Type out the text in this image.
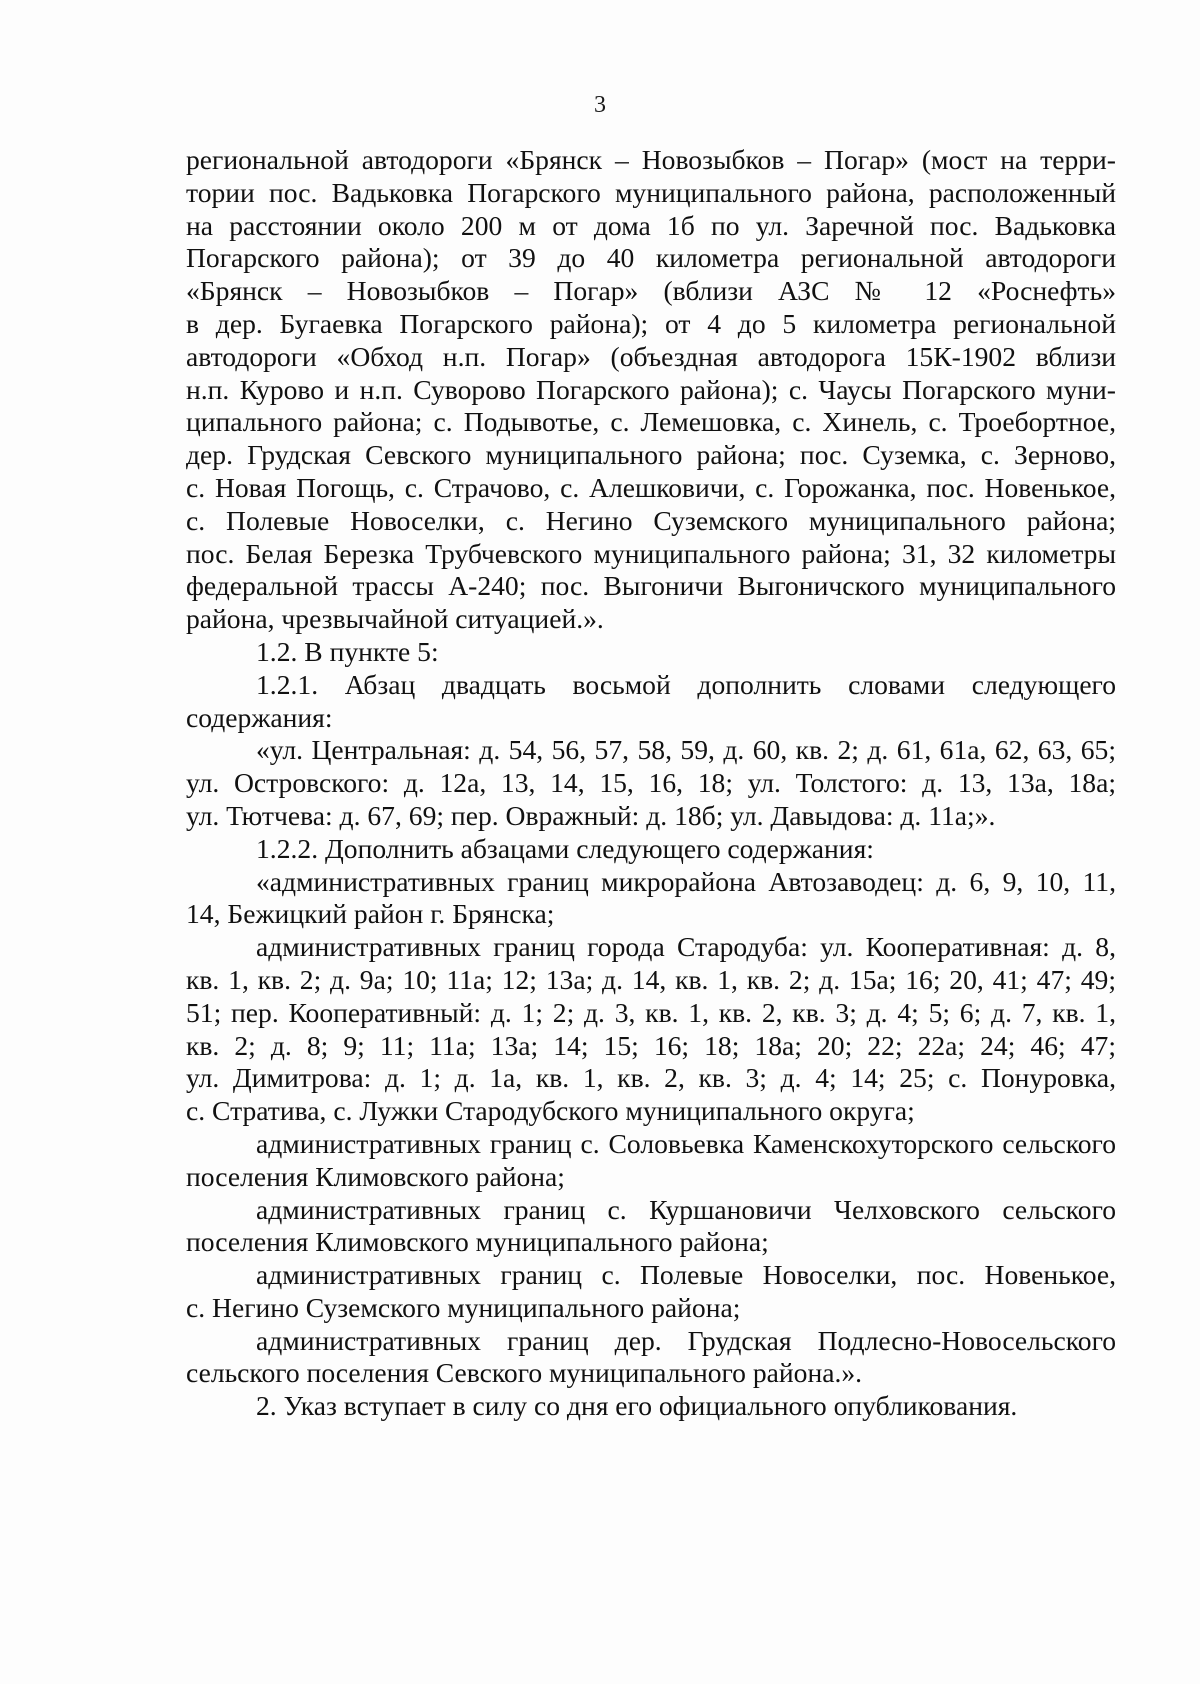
3

региональной автодороги «Брянск – Новозыбков – Погар» (мост на терри-
тории пос. Вадьковка Погарского муниципального района, расположенный
на расстоянии около 200 м от дома 1б по ул. Заречной пос. Вадьковка
Погарского района); от 39 до 40 километра региональной автодороги
«Брянск – Новозыбков – Погар» (вблизи АЗС № 12 «Роснефть»
в дер. Бугаевка Погарского района); от 4 до 5 километра региональной
автодороги «Обход н.п. Погар» (объездная автодорога 15К-1902 вблизи
н.п. Курово и н.п. Суворово Погарского района); с. Чаусы Погарского муни-
ципального района; с. Подывотье, с. Лемешовка, с. Хинель, с. Троебортное,
дер. Грудская Севского муниципального района; пос. Суземка, с. Зерново,
с. Новая Погощь, с. Страчово, с. Алешковичи, с. Горожанка, пос. Новенькое,
с. Полевые Новоселки, с. Негино Суземского муниципального района;
пос. Белая Березка Трубчевского муниципального района; 31, 32 километры
федеральной трассы А-240; пос. Выгоничи Выгоничского муниципального
района, чрезвычайной ситуацией.».

1.2. В пункте 5:

1.2.1. Абзац двадцать восьмой дополнить словами следующего
содержания:

«ул. Центральная: д. 54, 56, 57, 58, 59, д. 60, кв. 2; д. 61, 61а, 62, 63, 65;
ул. Островского: д. 12а, 13, 14, 15, 16, 18; ул. Толстого: д. 13, 13а, 18а;
ул. Тютчева: д. 67, 69; пер. Овражный: д. 18б; ул. Давыдова: д. 11а;».

1.2.2. Дополнить абзацами следующего содержания:

«административных границ микрорайона Автозаводец: д. 6, 9, 10, 11,
14, Бежицкий район г. Брянска;

административных границ города Стародуба: ул. Кооперативная: д. 8,
кв. 1, кв. 2; д. 9а; 10; 11а; 12; 13а; д. 14, кв. 1, кв. 2; д. 15а; 16; 20, 41; 47; 49;
51; пер. Кооперативный: д. 1; 2; д. 3, кв. 1, кв. 2, кв. 3; д. 4; 5; 6; д. 7, кв. 1,
кв. 2; д. 8; 9; 11; 11а; 13а; 14; 15; 16; 18; 18а; 20; 22; 22а; 24; 46; 47;
ул. Димитрова: д. 1; д. 1а, кв. 1, кв. 2, кв. 3; д. 4; 14; 25; с. Понуровка,
с. Стратива, с. Лужки Стародубского муниципального округа;

административных границ с. Соловьевка Каменскохуторского сельского
поселения Климовского района;

административных границ с. Куршановичи Челховского сельского
поселения Климовского муниципального района;

административных границ с. Полевые Новоселки, пос. Новенькое,
с. Негино Суземского муниципального района;

административных границ дер. Грудская Подлесно-Новосельского
сельского поселения Севского муниципального района.».

2. Указ вступает в силу со дня его официального опубликования.
